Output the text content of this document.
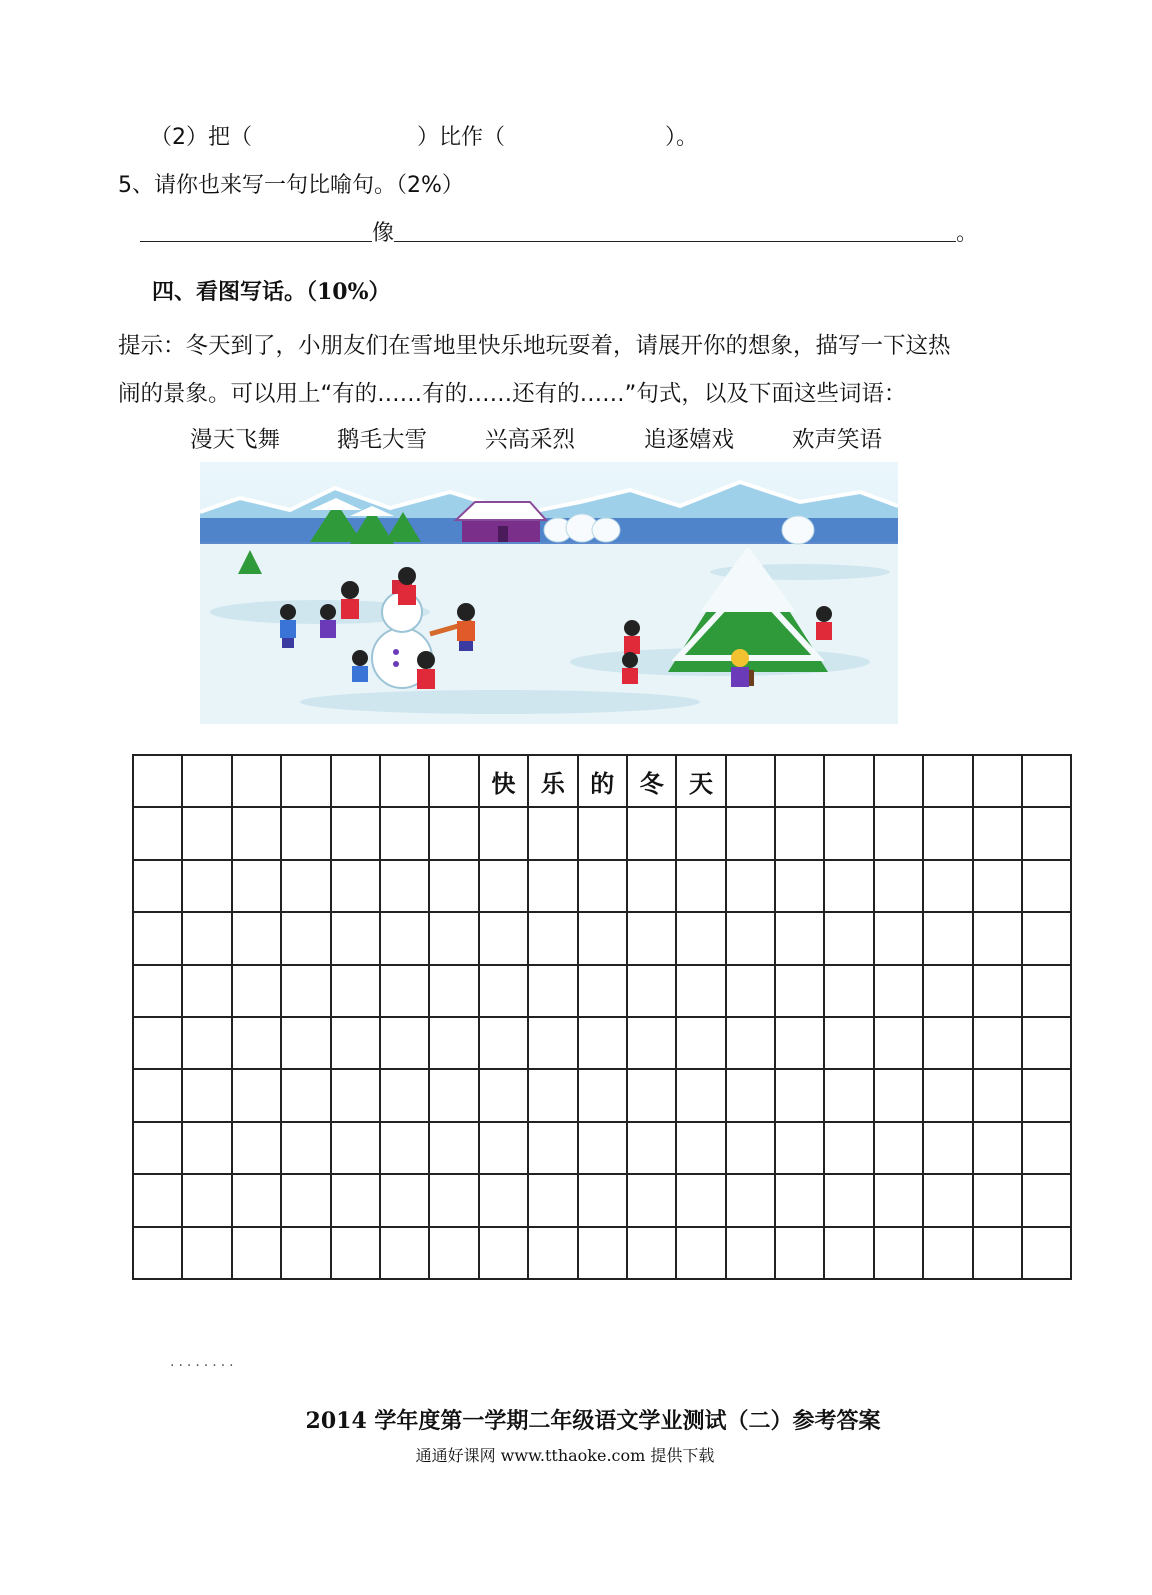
（2）把（	）比作（	）。
5、请你也来写一句比喻句。（2%）
像	。
四、看图写话。（10%）
提示：冬天到了，小朋友们在雪地里快乐地玩耍着，请展开你的想象，描写一下这热
闹的景象。可以用上“有的……有的……还有的……”句式，以及下面这些词语：
漫天飞舞	鹅毛大雪	兴高采烈	追逐嬉戏	欢声笑语
							快	乐	的	冬	天							

········
2014 学年度第一学期二年级语文学业测试（二）参考答案
通通好课网 www.tthaoke.com 提供下载
